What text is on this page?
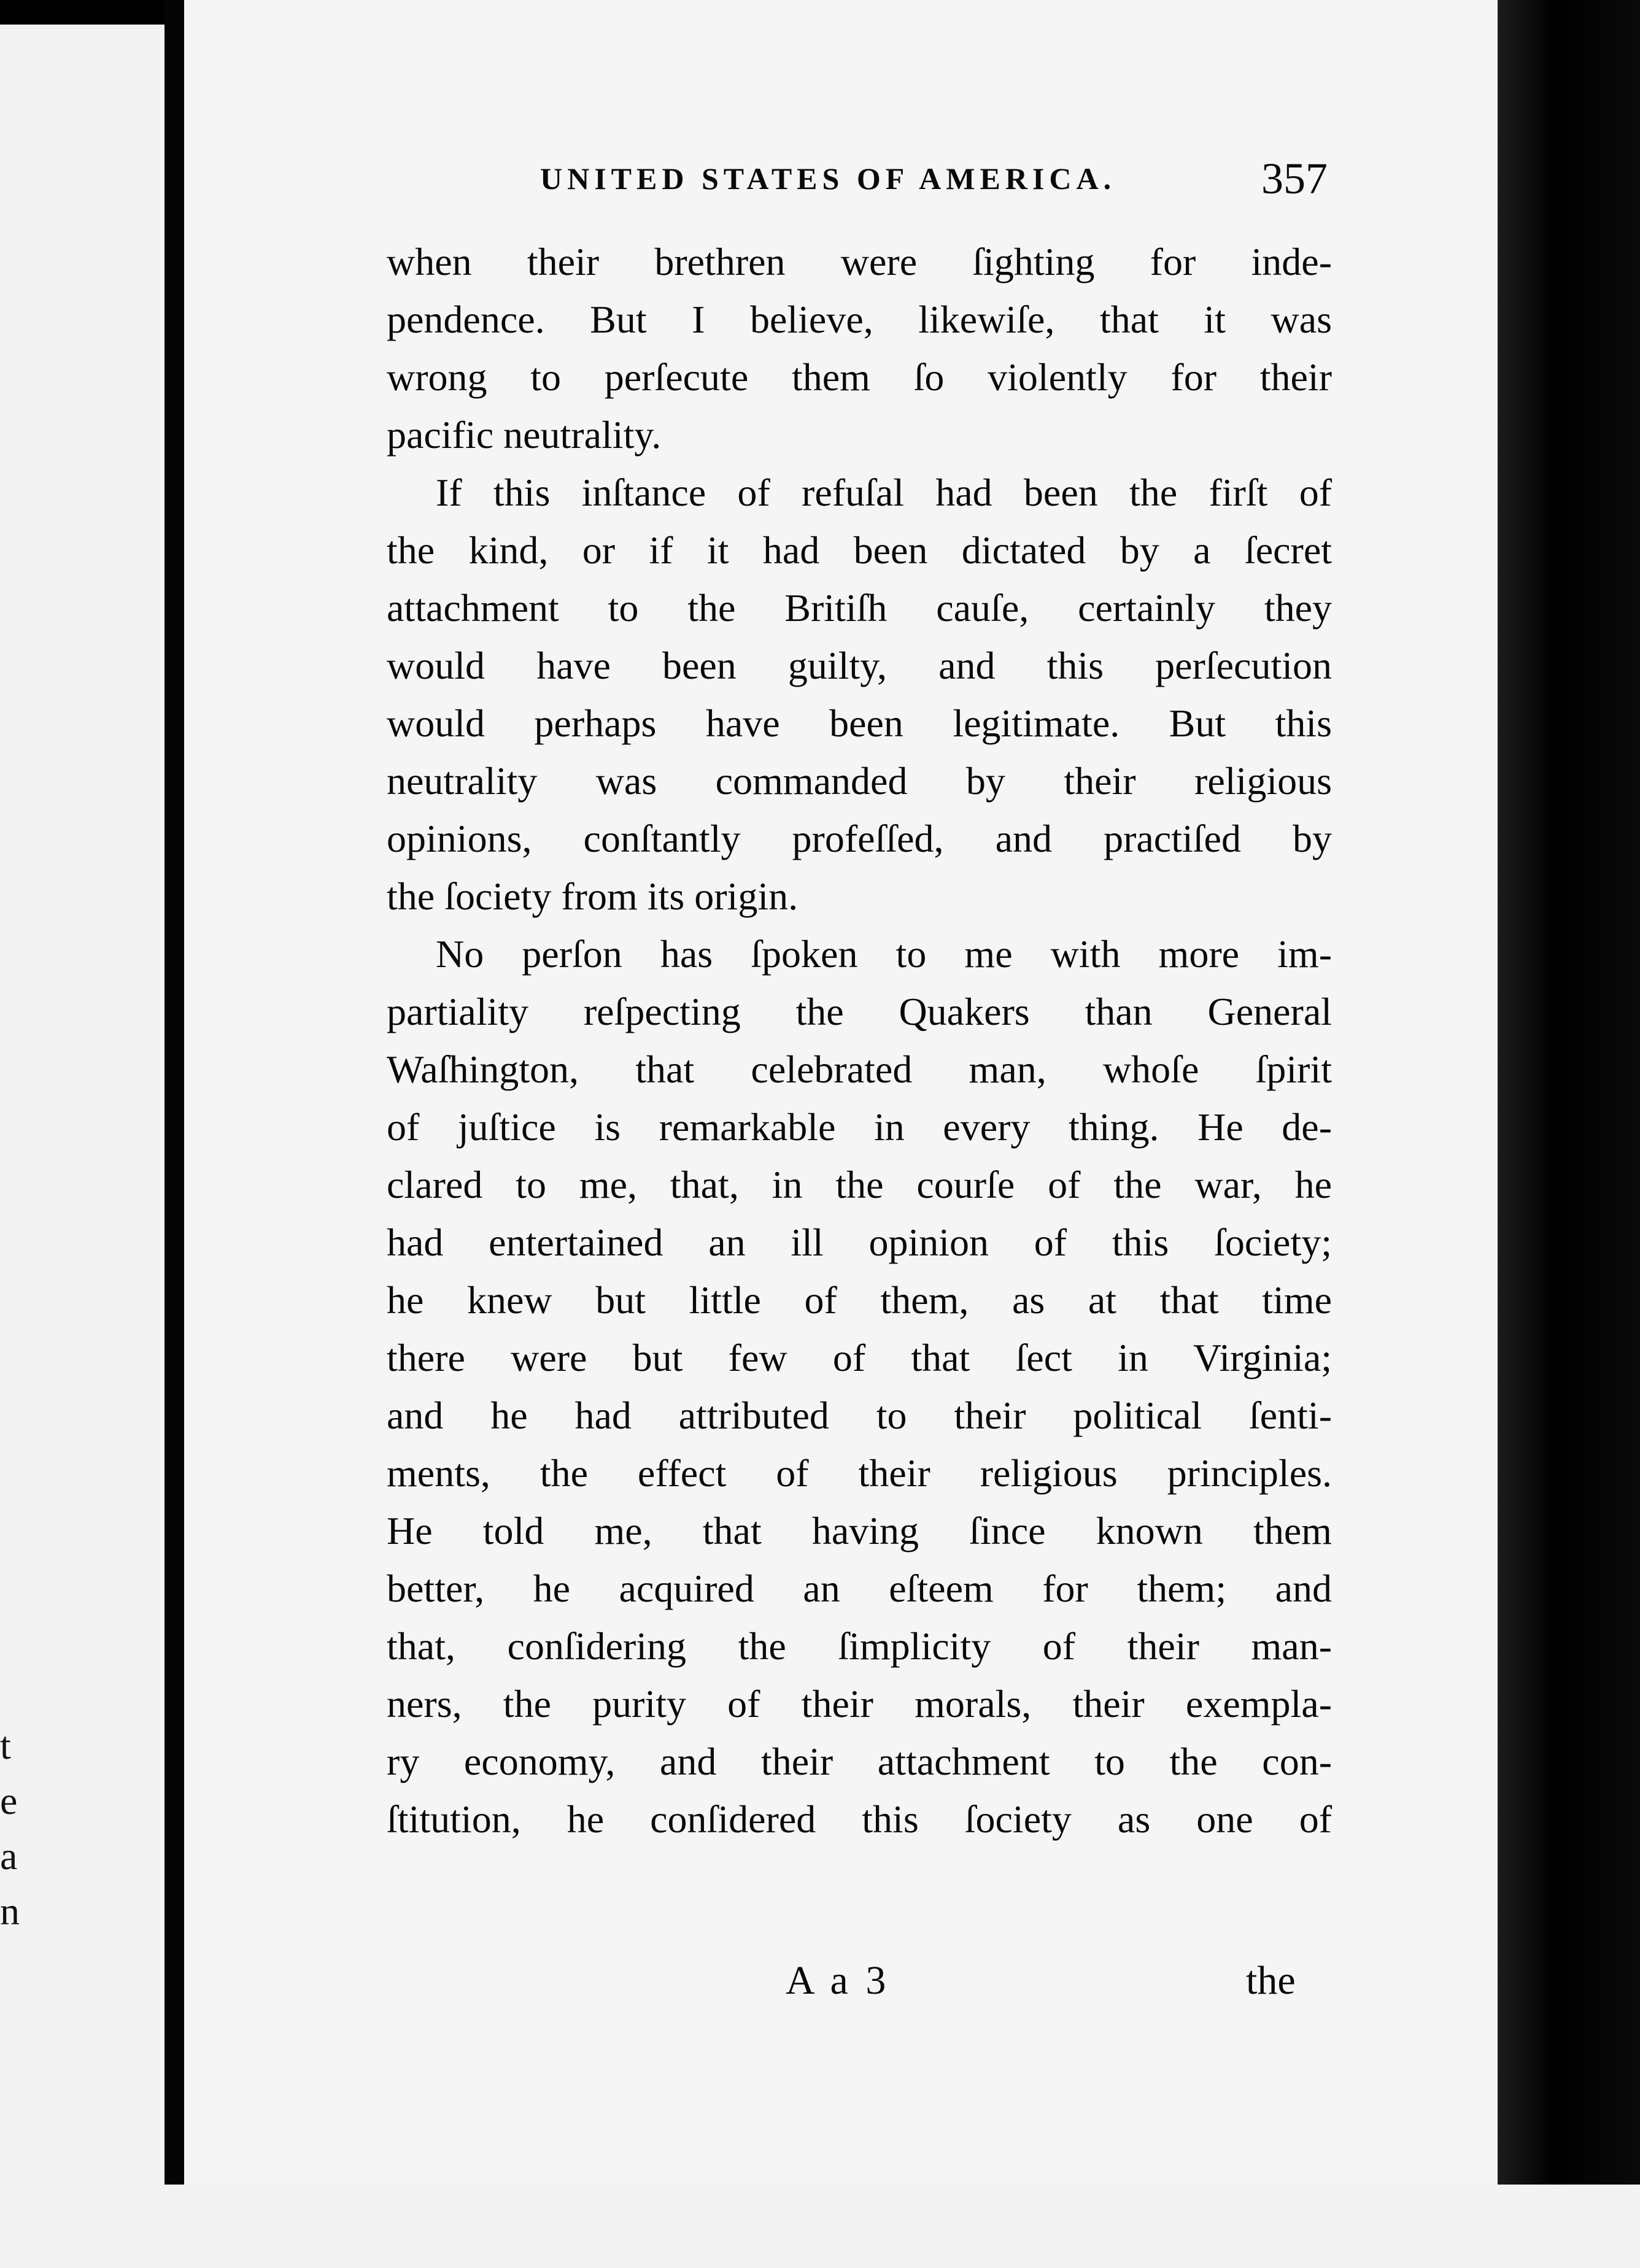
t
e
a
n
UNITED STATES OF AMERICA.	357
when their brethren were ſighting for inde-
pendence. But I believe, likewiſe, that it was
wrong to perſecute them ſo violently for their
pacific neutrality.
If this inſtance of refuſal had been the firſt of
the kind, or if it had been dictated by a ſecret
attachment to the Britiſh cauſe, certainly they
would have been guilty, and this perſecution
would perhaps have been legitimate. But this
neutrality was commanded by their religious
opinions, conſtantly profeſſed, and practiſed by
the ſociety from its origin.
No perſon has ſpoken to me with more im-
partiality reſpecting the Quakers than General
Waſhington, that celebrated man, whoſe ſpirit
of juſtice is remarkable in every thing. He de-
clared to me, that, in the courſe of the war, he
had entertained an ill opinion of this ſociety;
he knew but little of them, as at that time
there were but few of that ſect in Virginia;
and he had attributed to their political ſenti-
ments, the effect of their religious principles.
He told me, that having ſince known them
better, he acquired an eſteem for them; and
that, conſidering the ſimplicity of their man-
ners, the purity of their morals, their exempla-
ry economy, and their attachment to the con-
ſtitution, he conſidered this ſociety as one of
A a 3	the
